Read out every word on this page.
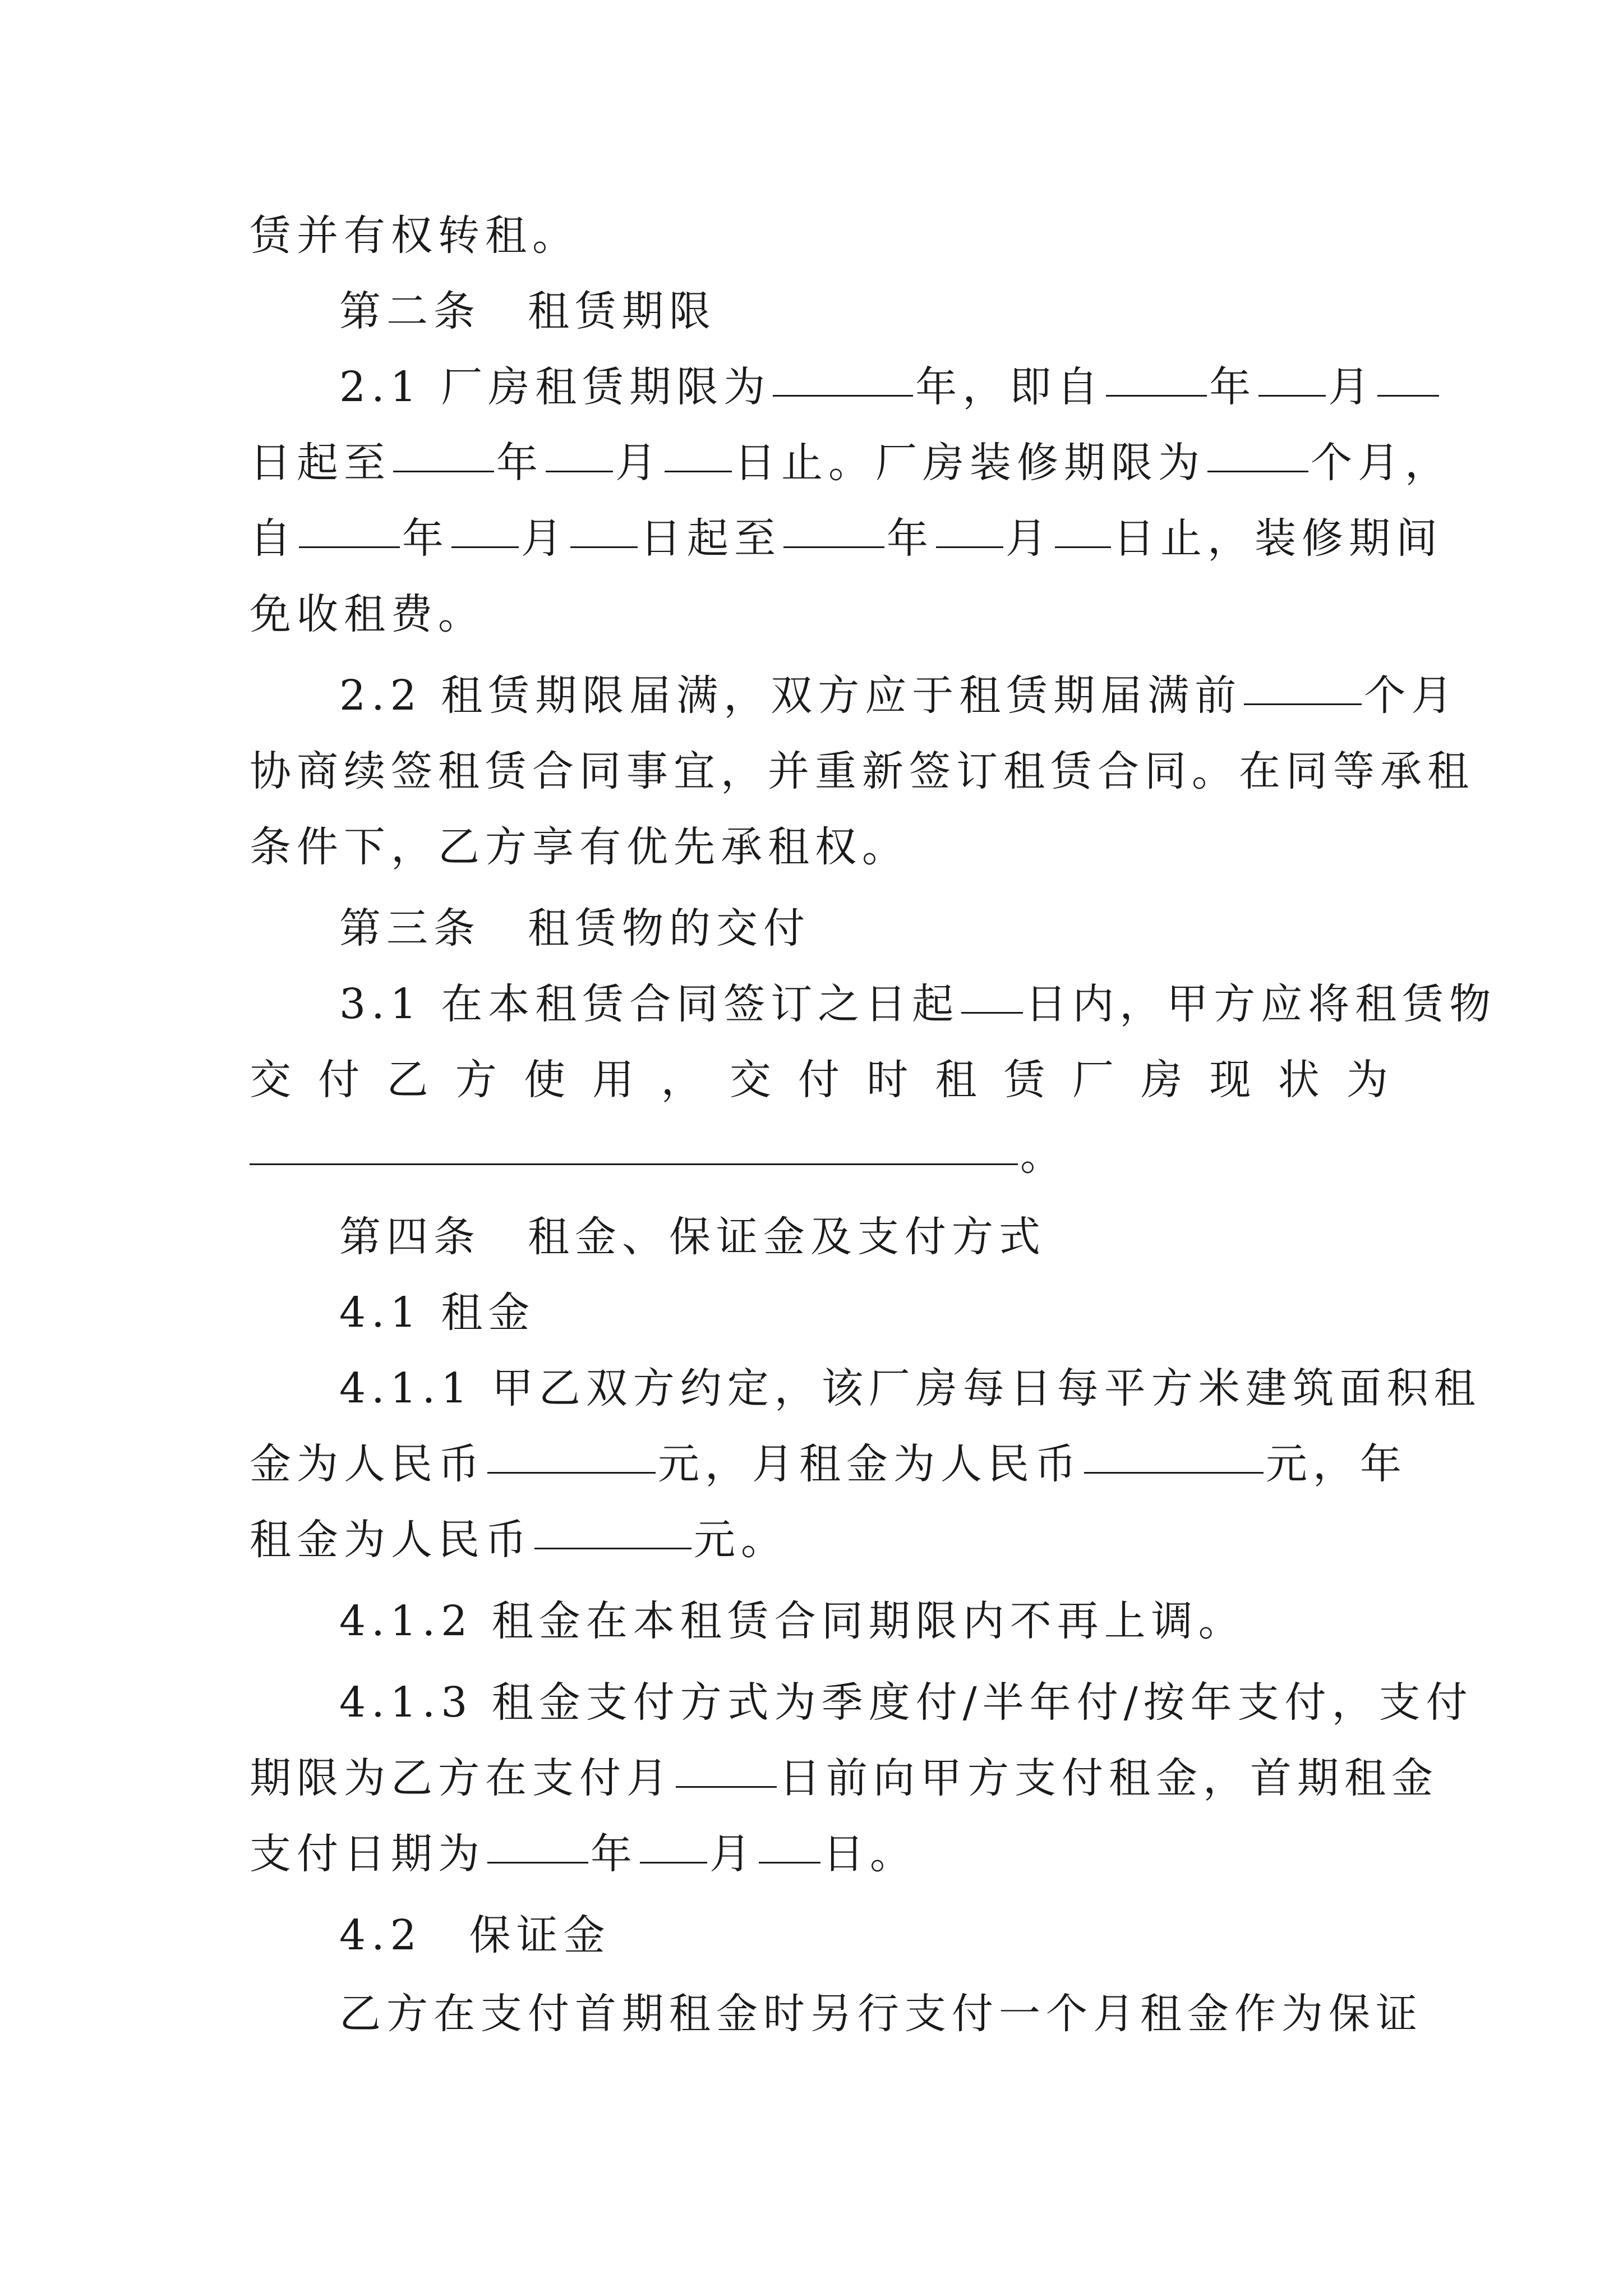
赁并有权转租。
第二条　租赁期限
2.1 厂房租赁期限为	年，即自	年 月
日起至	年 月 日止。厂房装修期限为	个月，
自	年 月 日起至	年 月 日止，装修期间
免收租费。
2.2 租赁期限届满，双方应于租赁期届满前	个月
协商续签租赁合同事宜，并重新签订租赁合同。在同等承租
条件下，乙方享有优先承租权。
第三条　租赁物的交付
3.1 在本租赁合同签订之日起 日内，甲方应将租赁物
交 付 乙 方 使 用 ， 交 付 时 租 赁 厂 房 现 状 为
。
第四条　租金、保证金及支付方式
4.1 租金
4.1.1 甲乙双方约定，该厂房每日每平方米建筑面积租
金为人民币	元，月租金为人民币	元，年
租金为人民币	元。
4.1.2 租金在本租赁合同期限内不再上调。
4.1.3 租金支付方式为季度付/半年付/按年支付，支付
期限为乙方在支付月	日前向甲方支付租金，首期租金
支付日期为	年 月 日。
4.2　保证金
乙方在支付首期租金时另行支付一个月租金作为保证
